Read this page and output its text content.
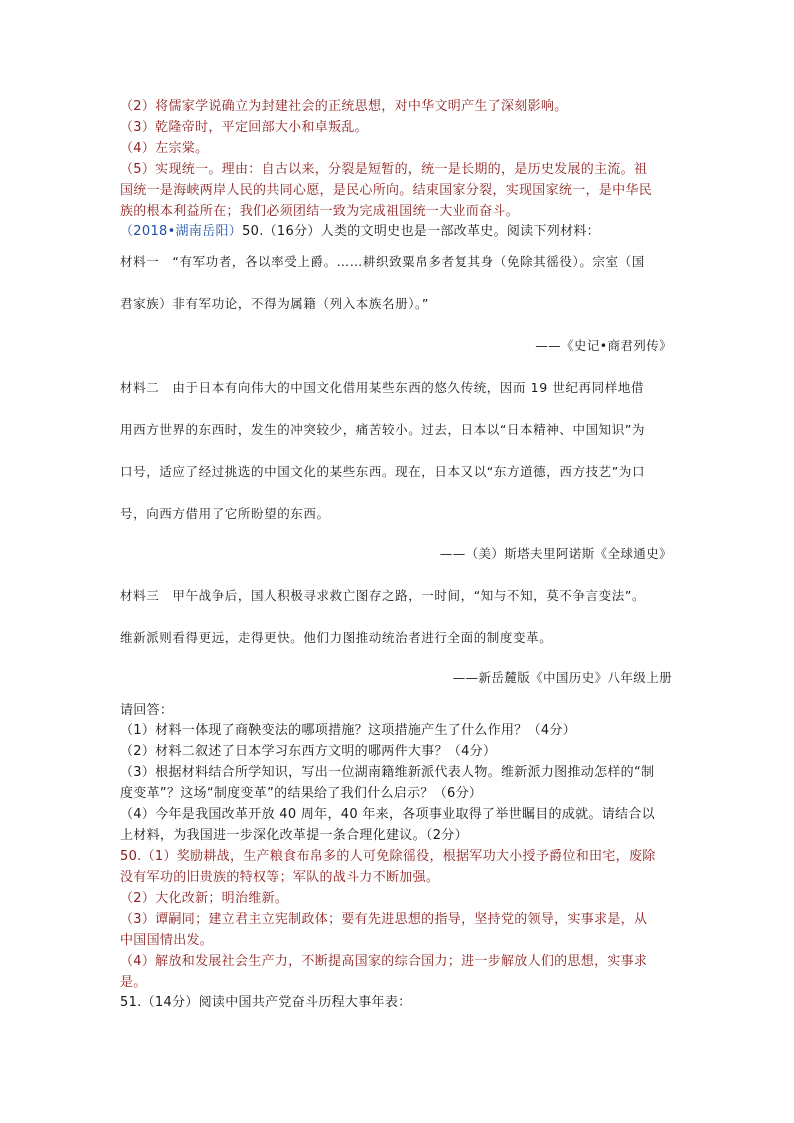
（2）将儒家学说确立为封建社会的正统思想，对中华文明产生了深刻影响。
（3）乾隆帝时，平定回部大小和卓叛乱。
（4）左宗棠。
（5）实现统一。理由：自古以来，分裂是短暂的，统一是长期的，是历史发展的主流。祖
国统一是海峡两岸人民的共同心愿，是民心所向。结束国家分裂，实现国家统一，是中华民
族的根本利益所在；我们必须团结一致为完成祖国统一大业而奋斗。
（2018•湖南岳阳）50.（16分）人类的文明史也是一部改革史。阅读下列材料：
材料一　“有军功者，各以率受上爵。……耕织致粟帛多者复其身（免除其徭役）。宗室（国
君家族）非有军功论，不得为属籍（列入本族名册）。”
——《史记•商君列传》
材料二　由于日本有向伟大的中国文化借用某些东西的悠久传统，因而 19 世纪再同样地借
用西方世界的东西时，发生的冲突较少，痛苦较小。过去，日本以“日本精神、中国知识”为
口号，适应了经过挑选的中国文化的某些东西。现在，日本又以“东方道德，西方技艺”为口
号，向西方借用了它所盼望的东西。
——（美）斯塔夫里阿诺斯《全球通史》
材料三　甲午战争后，国人积极寻求救亡图存之路，一时间，“知与不知，莫不争言变法”。
维新派则看得更远，走得更快。他们力图推动统治者进行全面的制度变革。
——新岳麓版《中国历史》八年级上册
请回答：
（1）材料一体现了商鞅变法的哪项措施？这项措施产生了什么作用？（4分）
（2）材料二叙述了日本学习东西方文明的哪两件大事？（4分）
（3）根据材料结合所学知识，写出一位湖南籍维新派代表人物。维新派力图推动怎样的“制
度变革”？这场“制度变革”的结果给了我们什么启示？（6分）
（4）今年是我国改革开放 40 周年，40 年来，各项事业取得了举世瞩目的成就。请结合以
上材料，为我国进一步深化改革提一条合理化建议。（2分）
50.（1）奖励耕战，生产粮食布帛多的人可免除徭役，根据军功大小授予爵位和田宅，废除
没有军功的旧贵族的特权等；军队的战斗力不断加强。
（2）大化改新；明治维新。
（3）谭嗣同；建立君主立宪制政体；要有先进思想的指导，坚持党的领导，实事求是，从
中国国情出发。
（4）解放和发展社会生产力，不断提高国家的综合国力；进一步解放人们的思想，实事求
是。
51.（14分）阅读中国共产党奋斗历程大事年表：
